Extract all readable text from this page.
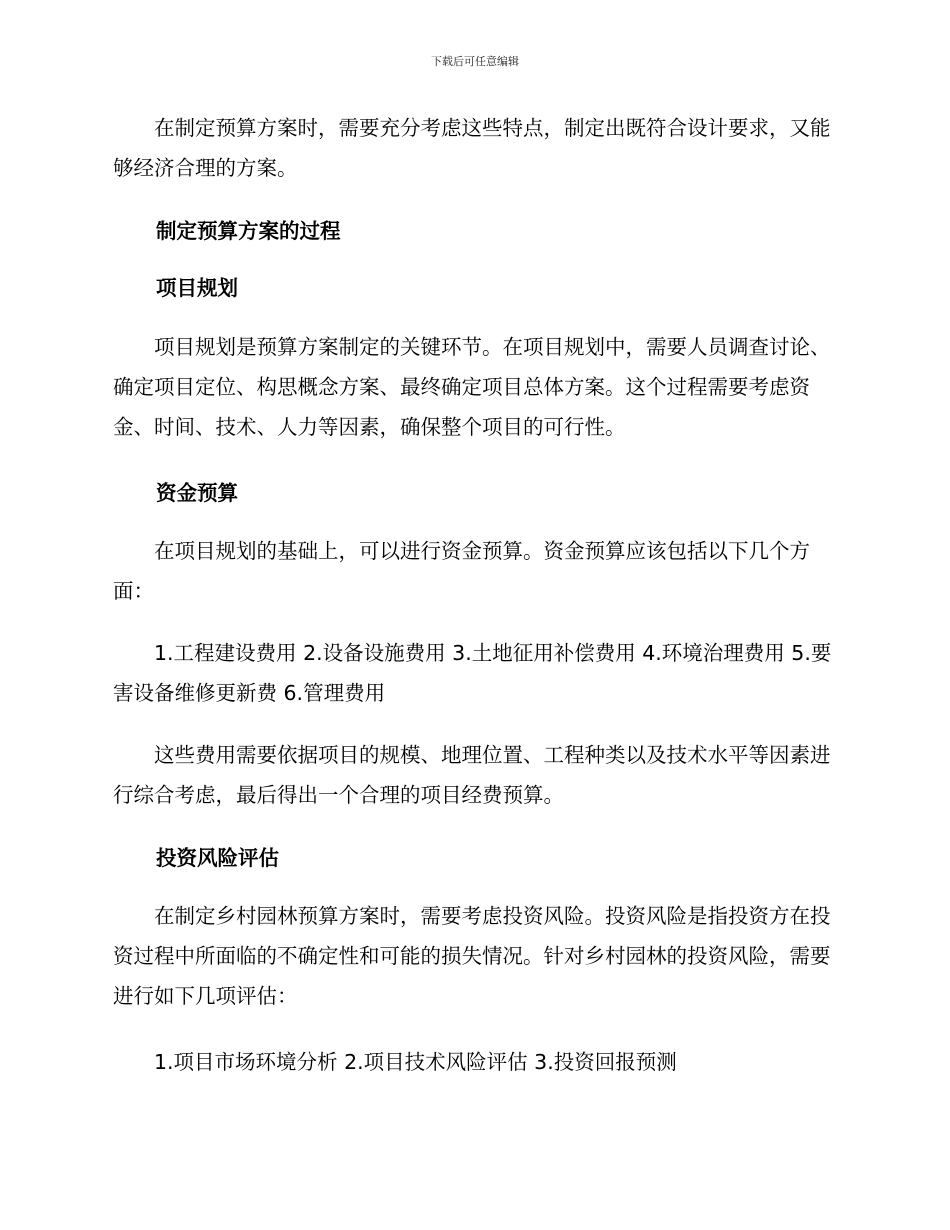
下载后可任意编辑
在制定预算方案时，需要充分考虑这些特点，制定出既符合设计要求，又能够经济合理的方案。
制定预算方案的过程
项目规划
项目规划是预算方案制定的关键环节。在项目规划中，需要人员调查讨论、确定项目定位、构思概念方案、最终确定项目总体方案。这个过程需要考虑资金、时间、技术、人力等因素，确保整个项目的可行性。
资金预算
在项目规划的基础上，可以进行资金预算。资金预算应该包括以下几个方面：
1.工程建设费用 2.设备设施费用 3.土地征用补偿费用 4.环境治理费用 5.要害设备维修更新费 6.管理费用
这些费用需要依据项目的规模、地理位置、工程种类以及技术水平等因素进行综合考虑，最后得出一个合理的项目经费预算。
投资风险评估
在制定乡村园林预算方案时，需要考虑投资风险。投资风险是指投资方在投资过程中所面临的不确定性和可能的损失情况。针对乡村园林的投资风险，需要进行如下几项评估：
1.项目市场环境分析 2.项目技术风险评估 3.投资回报预测
